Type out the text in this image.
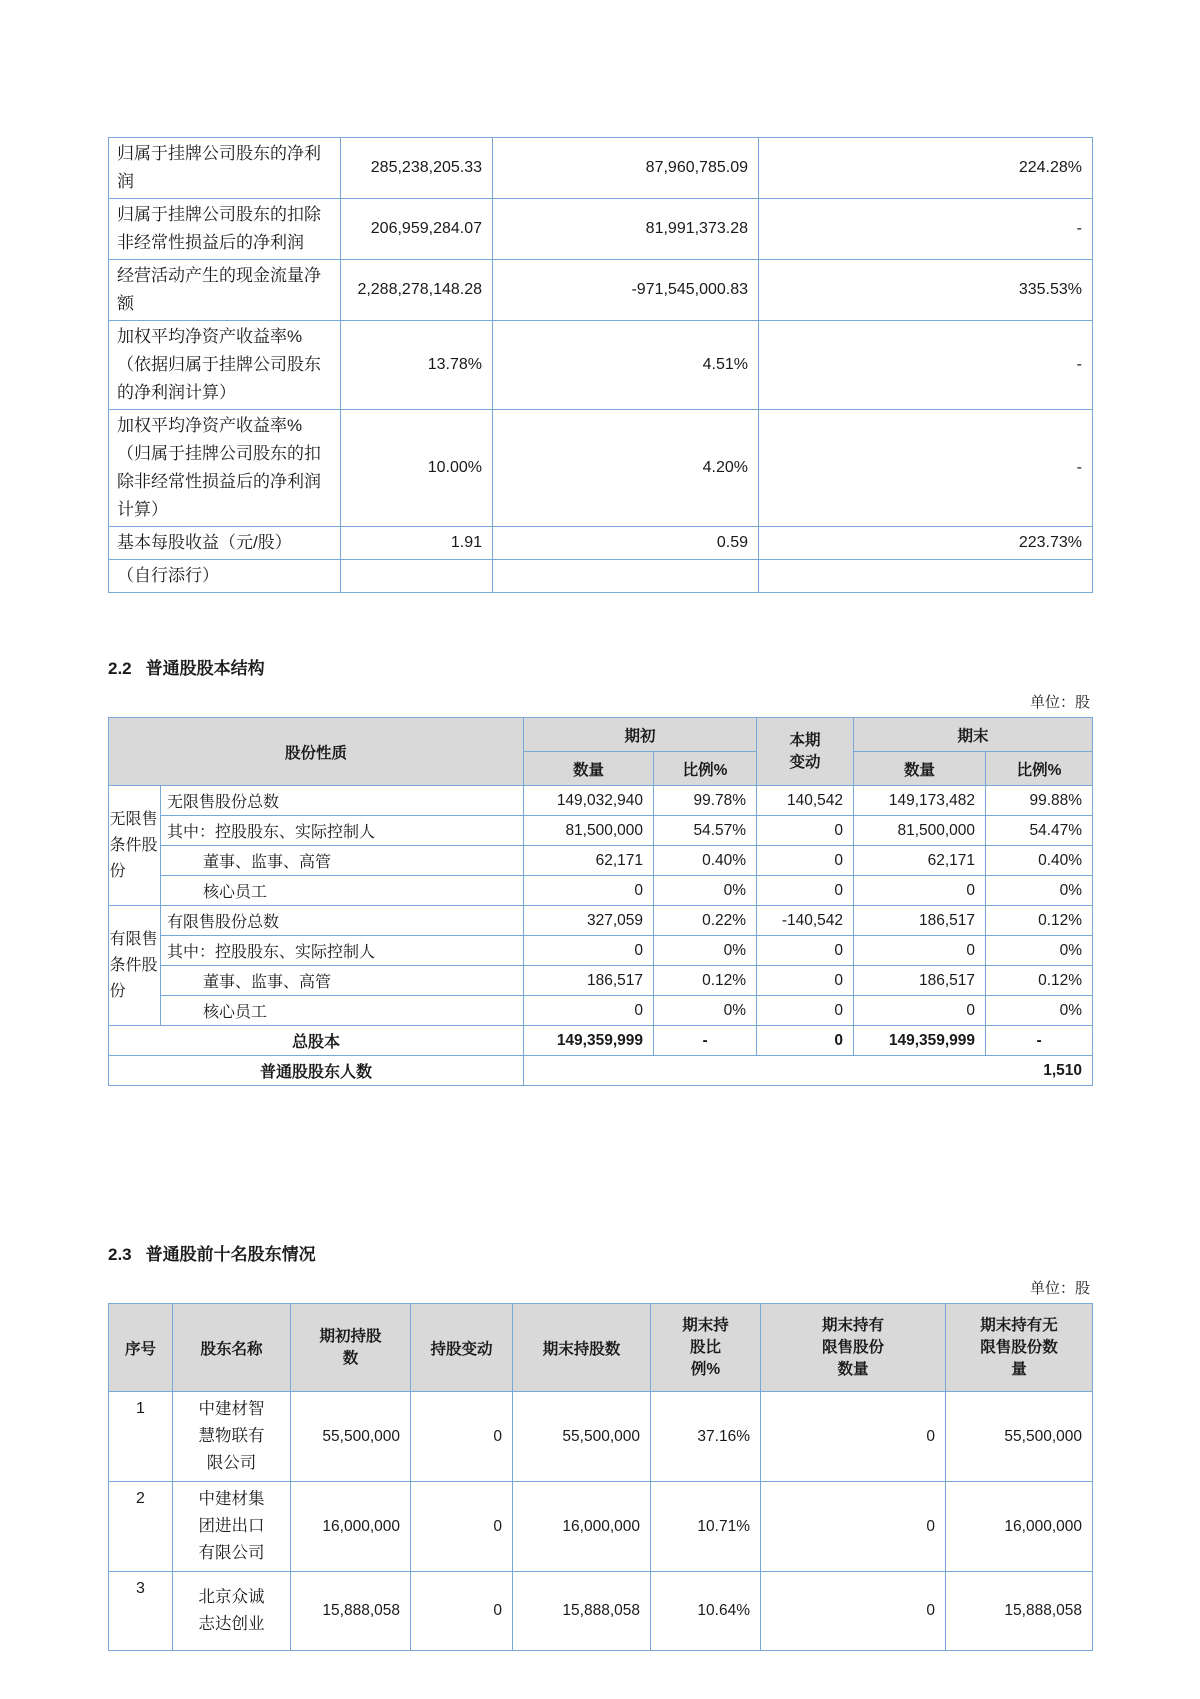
归属于挂牌公司股东的净利润	285,238,205.33	87,960,785.09	224.28%
归属于挂牌公司股东的扣除非经常性损益后的净利润	206,959,284.07	81,991,373.28	-
经营活动产生的现金流量净额	2,288,278,148.28	-971,545,000.83	335.53%
加权平均净资产收益率%（依据归属于挂牌公司股东的净利润计算）	13.78%	4.51%	-
加权平均净资产收益率%（归属于挂牌公司股东的扣除非经常性损益后的净利润计算）	10.00%	4.20%	-
基本每股收益（元/股）	1.91	0.59	223.73%
（自行添行）			
2.2 普通股股本结构
单位：股
股份性质		期初		本期变动	期末	
		数量	比例%		数量	比例%
无限售条件股份	无限售股份总数	149,032,940	99.78%	140,542	149,173,482	99.88%
	其中：控股股东、实际控制人	81,500,000	54.57%	0	81,500,000	54.47%
	董事、监事、高管	62,171	0.40%	0	62,171	0.40%
	核心员工	0	0%	0	0	0%
有限售条件股份	有限售股份总数	327,059	0.22%	-140,542	186,517	0.12%
	其中：控股股东、实际控制人	0	0%	0	0	0%
	董事、监事、高管	186,517	0.12%	0	186,517	0.12%
	核心员工	0	0%	0	0	0%
总股本		149,359,999	-	0	149,359,999	-
普通股股东人数		1,510				
2.3 普通股前十名股东情况
单位：股
序号	股东名称	期初持股数	持股变动	期末持股数	期末持股比例%	期末持有限售股份数量	期末持有无限售股份数量
1	中建材智慧物联有限公司	55,500,000	0	55,500,000	37.16%	0	55,500,000
2	中建材集团进出口有限公司	16,000,000	0	16,000,000	10.71%	0	16,000,000
3	北京众诚志达创业	15,888,058	0	15,888,058	10.64%	0	15,888,058
